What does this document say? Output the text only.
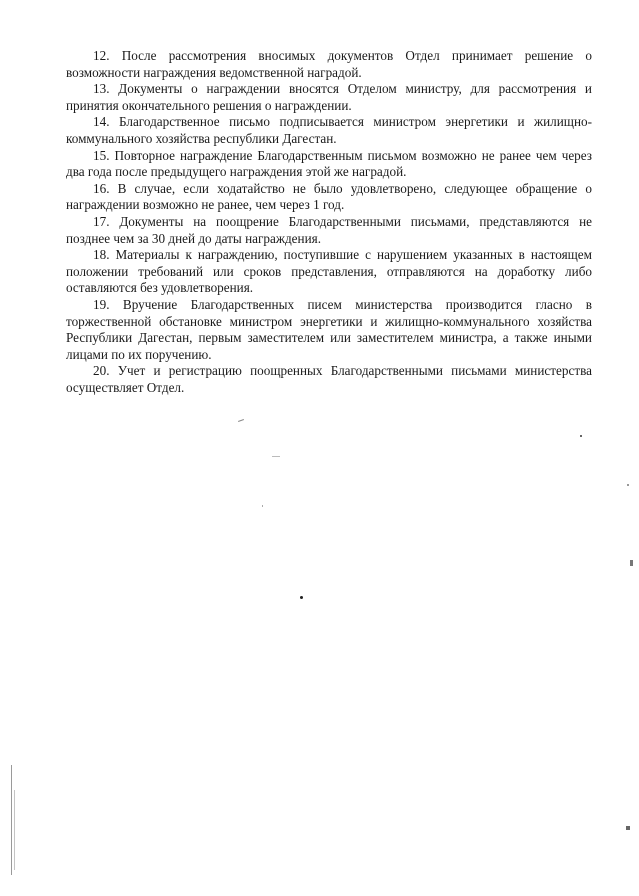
12. После рассмотрения вносимых документов Отдел принимает решение о возможности награждения ведомственной наградой.

13. Документы о награждении вносятся Отделом министру, для рассмотрения и принятия окончательного решения о награждении.

14. Благодарственное письмо подписывается министром энергетики и жилищно-коммунального хозяйства республики Дагестан.

15. Повторное награждение Благодарственным письмом возможно не ранее чем через два года после предыдущего награждения этой же наградой.

16. В случае, если ходатайство не было удовлетворено, следующее обращение о награждении возможно не ранее, чем через 1 год.

17. Документы на поощрение Благодарственными письмами, представляются не позднее чем за 30 дней до даты награждения.

18. Материалы к награждению, поступившие с нарушением указанных в настоящем положении требований или сроков представления, отправляются на доработку либо оставляются без удовлетворения.

19. Вручение Благодарственных писем министерства производится гласно в торжественной обстановке министром энергетики и жилищно-коммунального хозяйства Республики Дагестан, первым заместителем или заместителем министра, а также иными лицами по их поручению.

20. Учет и регистрацию поощренных Благодарственными письмами министерства осуществляет Отдел.
